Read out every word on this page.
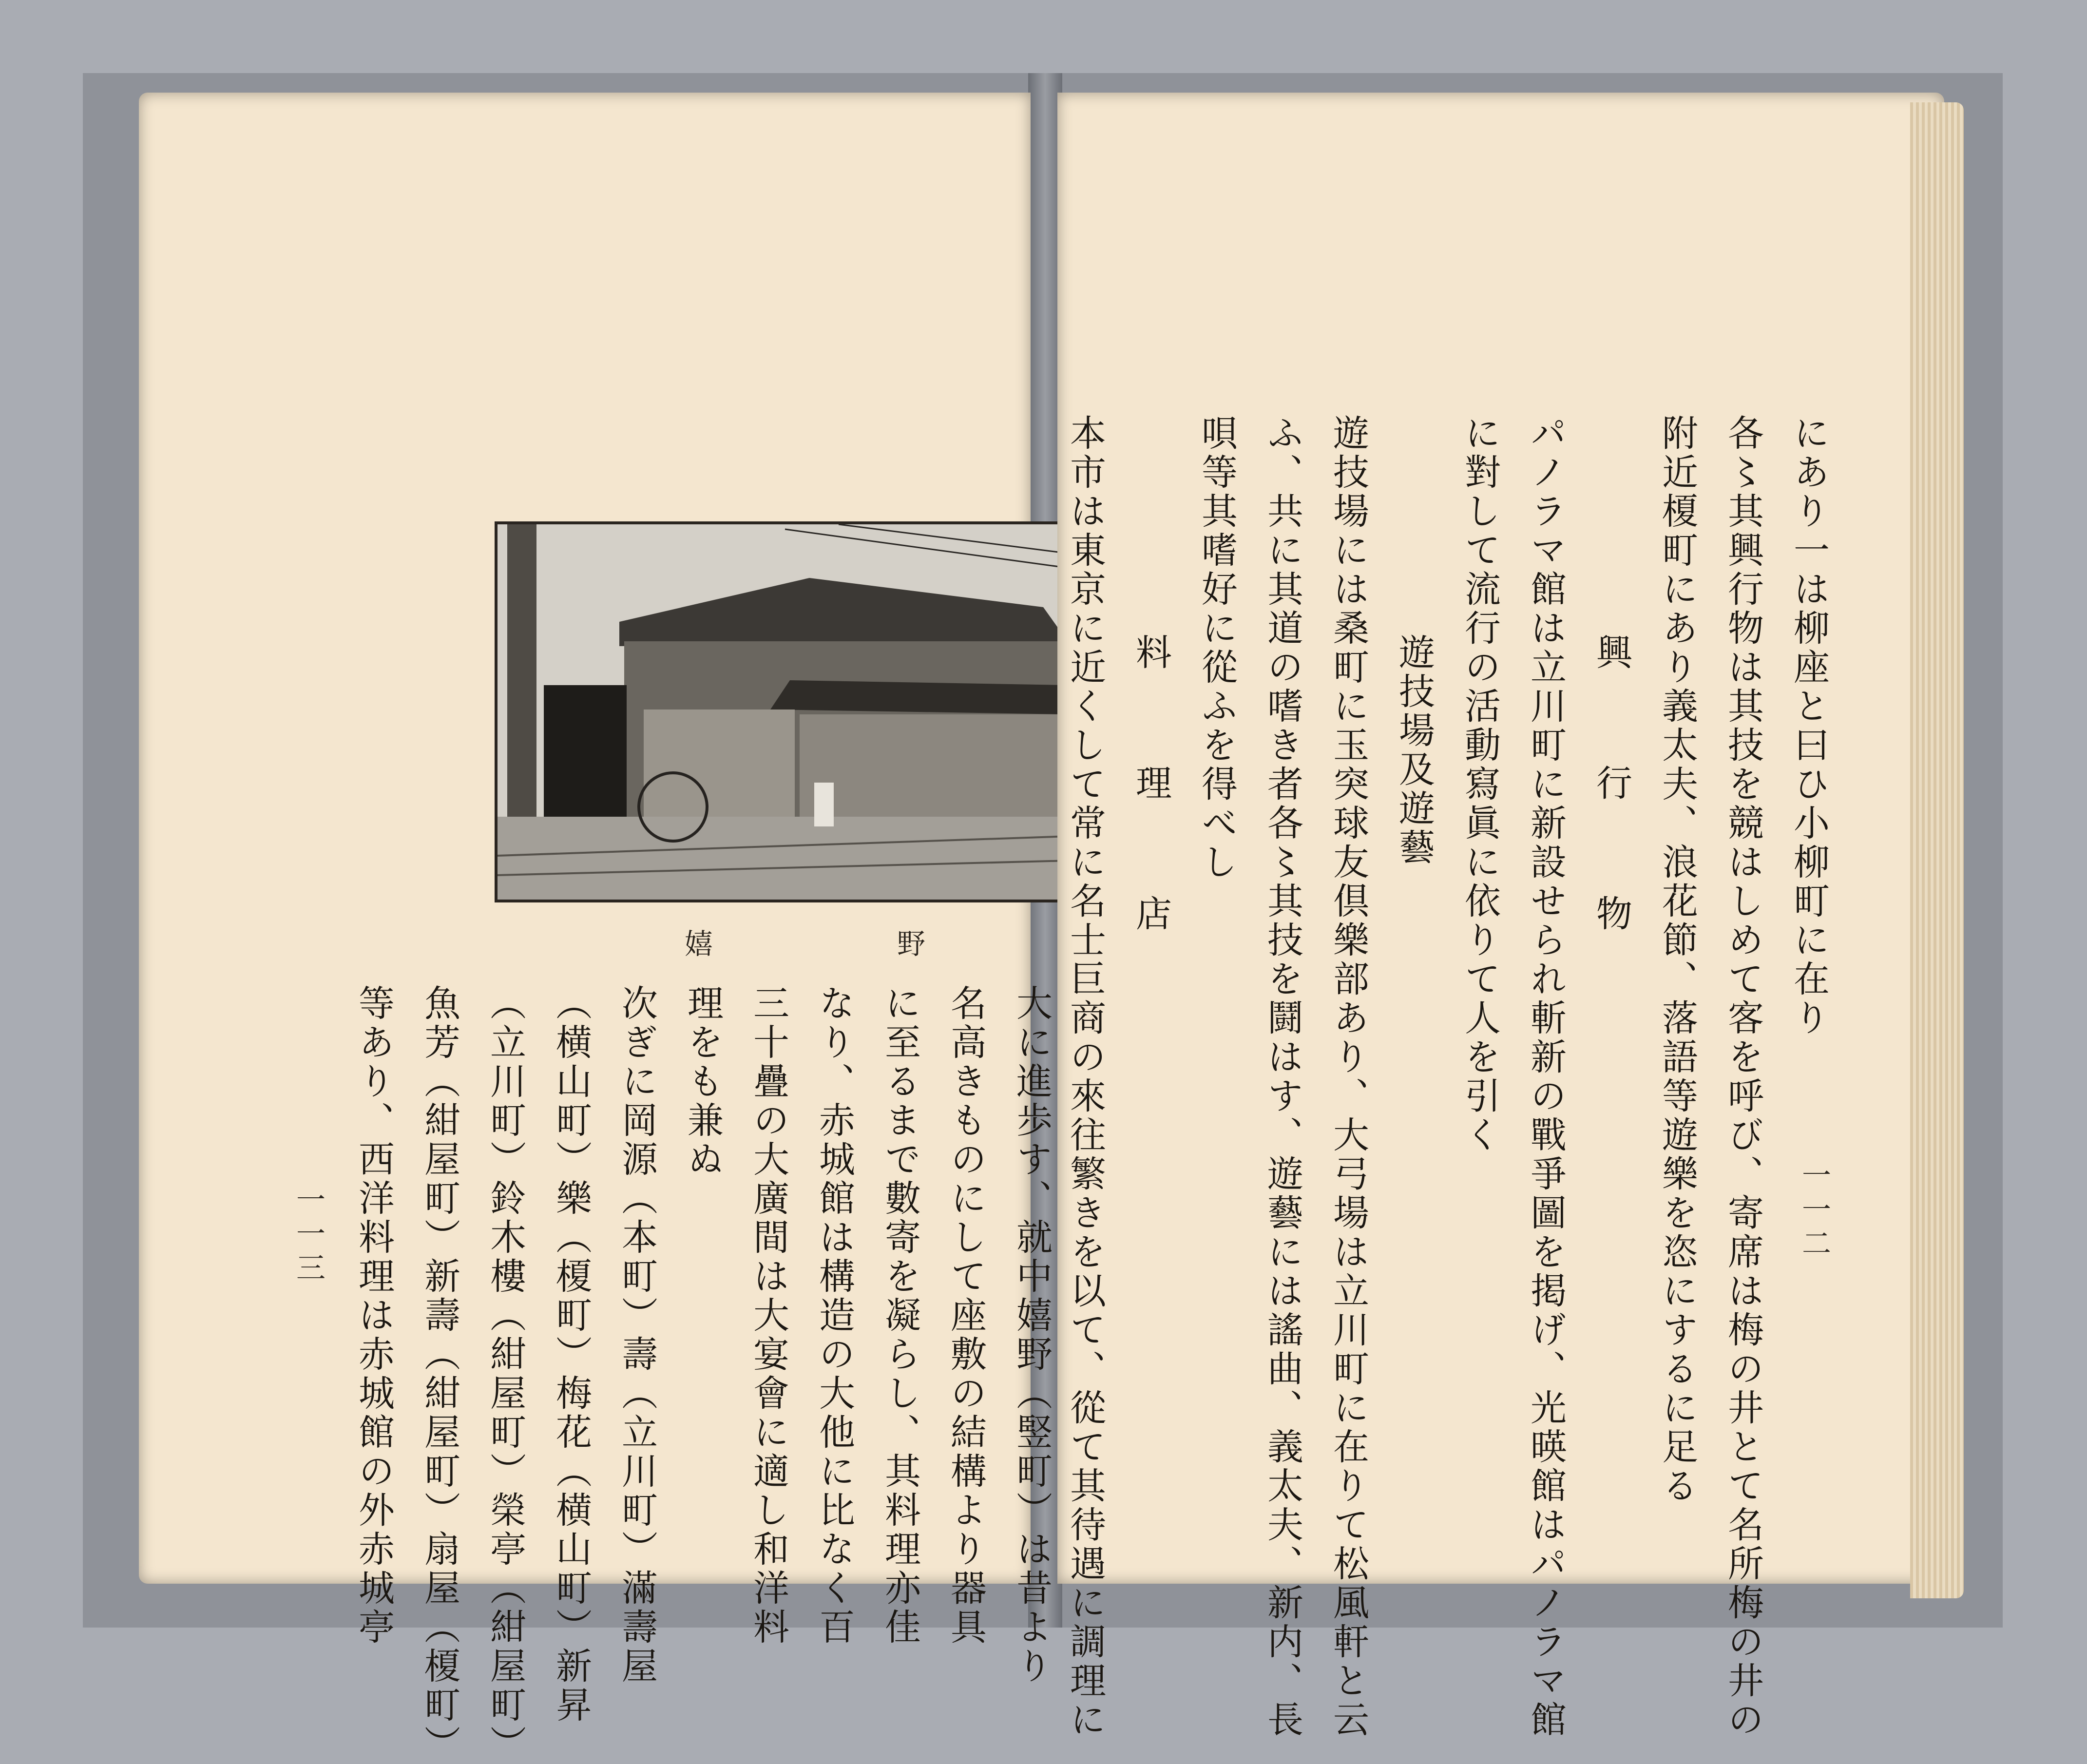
嬉　野
大に進歩す、就中嬉野（竪町）は昔より
名高きものにして座敷の結構より器具
に至るまで數寄を凝らし、其料理亦佳
なり、赤城館は構造の大他に比なく百
三十疊の大廣間は大宴會に適し和洋料
理をも兼ぬ
次ぎに岡源（本町）壽（立川町）滿壽屋
（横山町）樂（榎町）梅花（横山町）新昇
（立川町）鈴木樓（紺屋町）榮亭（紺屋町）
魚芳（紺屋町）新壽（紺屋町）扇屋（榎町）
等あり、西洋料理は赤城館の外赤城亭
一一三
にあり一は柳座と曰ひ小柳町に在り
各〻其興行物は其技を競はしめて客を呼び、寄席は梅の井とて名所梅の井の
附近榎町にあり義太夫、浪花節、落語等遊樂を恣にするに足る
興　行　物
パノラマ館は立川町に新設せられ斬新の戰爭圖を掲げ、光暎館はパノラマ館
に對して流行の活動寫眞に依りて人を引く
遊技場及遊藝
遊技場には桑町に玉突球友倶樂部あり、大弓場は立川町に在りて松風軒と云
ふ、共に其道の嗜き者各〻其技を鬪はす、遊藝には謠曲、義太夫、新内、長
唄等其嗜好に從ふを得べし
料　理　店
本市は東京に近くして常に名士巨商の來往繁きを以て、從て其待遇に調理に	一一二
